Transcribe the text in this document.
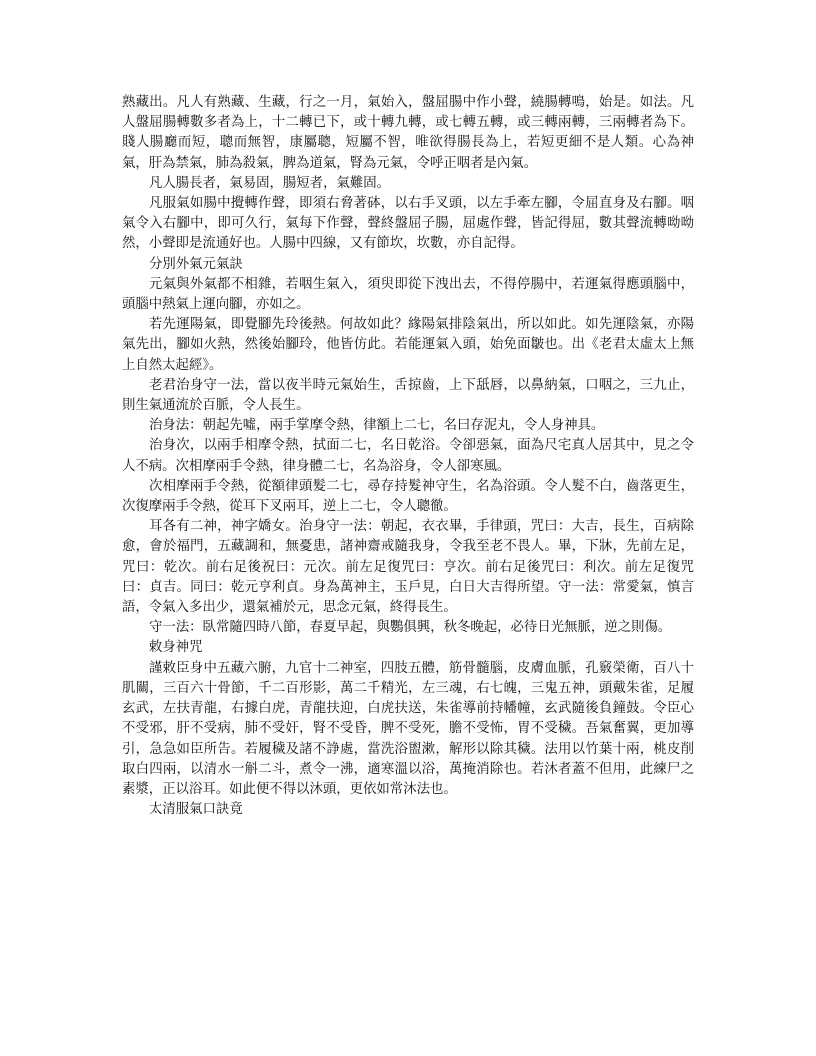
熟藏出。凡人有熟藏、生藏，行之一月，氣始入，盤屈腸中作小聲，繞腸轉鳴，始是。如法。凡人盤屈腸轉數多者為上，十二轉已下，或十轉九轉，或七轉五轉，或三轉兩轉，三兩轉者為下。賤人腸廳而短，聰而無智，康屬聰，短屬不智，唯欲得腸長為上，若短更細不是人類。心為神氣，肝為禁氣，肺為殺氣，脾為道氣，腎為元氣，令呼正咽者是內氣。

凡人腸長者，氣易固，腸短者，氣難固。

凡服氣如腸中攪轉作聲，即須右脅著砵，以右手叉頭，以左手牽左腳，令屈直身及右腳。咽氣令入右腳中，即可久行，氣每下作聲，聲終盤屈子腸，屈處作聲，皆記得屈，數其聲流轉呦呦然，小聲即是流通好也。人腸中四線，又有節坎，坎數，亦自記得。

分別外氣元氣訣

元氣與外氣都不相雜，若咽生氣入，須臾即從下洩出去，不得停腸中，若運氣得應頭腦中，頭腦中熱氣上運向腳，亦如之。

若先運陽氣，即覺腳先玲後熱。何故如此？緣陽氣排陰氣出，所以如此。如先運陰氣，亦陽氣先出，腳如火熱，然後始腳玲，他皆仿此。若能運氣入頭，始免面皺也。出《老君太虛太上無上自然太起經》。

老君治身守一法，當以夜半時元氣始生，舌掠齒，上下舐唇，以鼻納氣，口咽之，三九止，則生氣通流於百脈，令人長生。

治身法：朝起先噓，兩手掌摩令熱，律額上二七，名曰存泥丸，令人身神具。

治身次，以兩手相摩令熱，拭面二七，名日乾浴。令卻惡氣，面為尺宅真人居其中，見之令人不病。次相摩兩手令熱，律身體二七，名為浴身，令人卻寒風。

次相摩兩手令熱，從額律頭髮二七，尋存持髮神守生，名為浴頭。令人髮不白，齒落更生，次復摩兩手令熱，從耳下叉兩耳，逆上二七，令人聰徹。

耳各有二神，神字嬌女。治身守一法：朝起，衣衣畢，手律頭，咒曰：大吉，長生，百病除愈，會於福門，五藏調和，無憂患，諸神齋戒隨我身，令我至老不畏人。畢，下牀，先前左足，咒曰：乾次。前右足後祝曰：元次。前左足復咒曰：亨次。前右足後咒曰：利次。前左足復咒曰：貞吉。同曰：乾元亨利貞。身為萬神主，玉戶見，白日大吉得所望。守一法：常愛氣，慎言語，令氣入多出少，還氣補於元，思念元氣，終得長生。

守一法：臥常隨四時八節，春夏早起，與鸚俱興，秋冬晚起，必待日光無脈，逆之則傷。

敕身神咒

謹敕臣身中五藏六腑，九官十二神室，四肢五體，筋骨髓腦，皮膚血脈，孔竅榮衛，百八十肌關，三百六十骨節，千二百形影，萬二千精光，左三魂，右七魄，三鬼五神，頭戴朱雀，足履玄武，左扶青龍，右據白虎，青龍扶迎，白虎扶送，朱雀導前持幡幢，玄武隨後負鐘鼓。令臣心不受邪，肝不受病，肺不受奸，腎不受昏，脾不受死，膽不受怖，胃不受穢。吾氣奮翼，更加導引，急急如臣所告。若履穢及諸不諍處，當洗浴盥漱，解形以除其穢。法用以竹葉十兩，桃皮削取白四兩，以清水一斛二斗，煮令一沸，適寒溫以浴，萬掩消除也。若沐者蓋不但用，此練尸之素漿，正以浴耳。如此便不得以沐頭，更依如常沐法也。

太清服氣口訣竟
